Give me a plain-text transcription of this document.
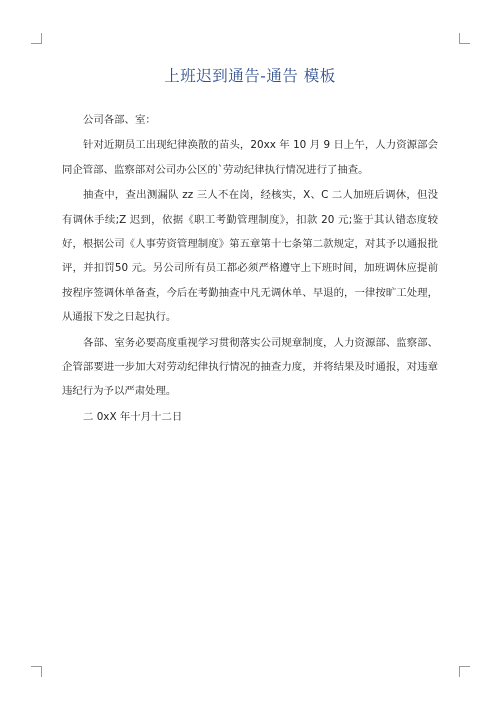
上班迟到通告-通告 模板

公司各部、室：

针对近期员工出现纪律涣散的苗头，20xx 年 10 月 9 日上午，人力资源部会同企管部、监察部对公司办公区的`劳动纪律执行情况进行了抽查。

抽查中，查出测漏队 zz 三人不在岗，经核实，X、C 二人加班后调休，但没有调休手续;Z 迟到，依据《职工考勤管理制度》，扣款 20 元;鉴于其认错态度较好，根据公司《人事劳资管理制度》第五章第十七条第二款规定，对其予以通报批评，并扣罚50 元。另公司所有员工都必须严格遵守上下班时间，加班调休应提前按程序签调休单备查，今后在考勤抽查中凡无调休单、早退的，一律按旷工处理，从通报下发之日起执行。

各部、室务必要高度重视学习贯彻落实公司规章制度，人力资源部、监察部、企管部要进一步加大对劳动纪律执行情况的抽查力度，并将结果及时通报，对违章违纪行为予以严肃处理。

二 0xX 年十月十二日
